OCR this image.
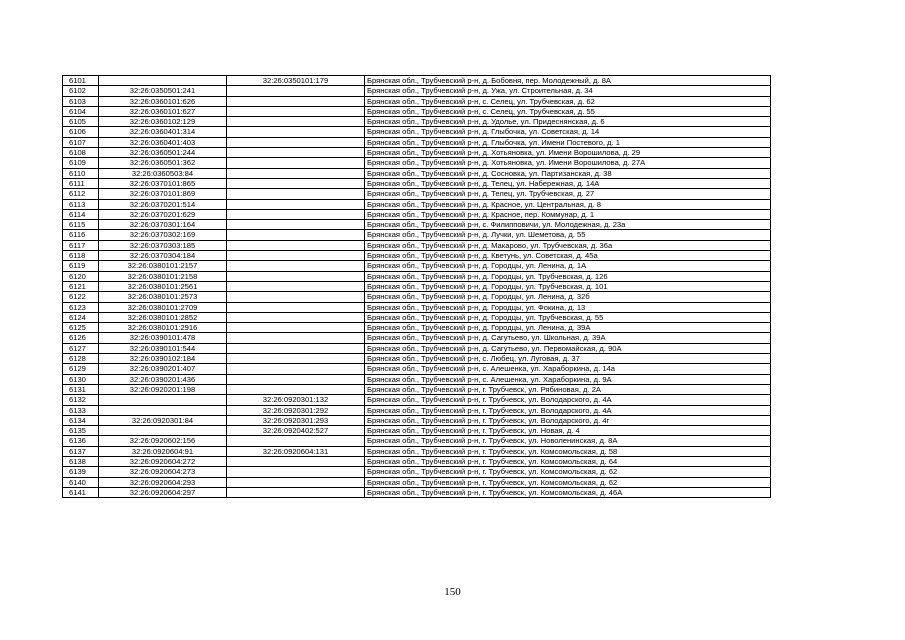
6101		32:26:0350101:179	Брянская обл., Трубчевский р-н, д. Бобовня, пер. Молодежный, д. 8А
6102	32:26:0350501:241		Брянская обл., Трубчевский р-н, д. Ужа, ул. Строительная, д. 34
6103	32:26:0360101:626		Брянская обл., Трубчевский р-н, с. Селец, ул. Трубчевская, д. 62
6104	32:26:0360101:627		Брянская обл., Трубчевский р-н, с. Селец, ул. Трубчевская, д. 55
6105	32:26:0360102:129		Брянская обл., Трубчевский р-н, д. Удолье, ул. Придеснянская, д. 6
6106	32:26:0360401:314		Брянская обл., Трубчевский р-н, д. Глыбочка, ул. Советская, д. 14
6107	32:26:0360401:403		Брянская обл., Трубчевский р-н, д. Глыбочка, ул. Имени Постевого, д. 1
6108	32:26:0360501:244		Брянская обл., Трубчевский р-н, д. Хотьяновка, ул. Имени Ворошилова, д. 29
6109	32:26:0360501:362		Брянская обл., Трубчевский р-н, д. Хотьяновка, ул. Имени Ворошилова, д. 27А
6110	32:26:0360503:84		Брянская обл., Трубчевский р-н, д. Сосновка, ул. Партизанская, д. 38
6111	32:26:0370101:865		Брянская обл., Трубчевский р-н, д. Телец, ул. Набережная, д. 14А
6112	32:26:0370101:869		Брянская обл., Трубчевский р-н, д. Телец, ул. Трубчевская, д. 27
6113	32:26:0370201:514		Брянская обл., Трубчевский р-н, д. Красное, ул. Центральная, д. 8
6114	32:26:0370201:629		Брянская обл., Трубчевский р-н, д. Красное, пер. Коммунар, д. 1
6115	32:26:0370301:164		Брянская обл., Трубчевский р-н, с. Филипповичи, ул. Молодежная, д. 23а
6116	32:26:0370302:169		Брянская обл., Трубчевский р-н, д. Лучки, ул. Шеметова, д. 55
6117	32:26:0370303:185		Брянская обл., Трубчевский р-н, д. Макарово, ул. Трубчевская, д. 36а
6118	32:26:0370304:184		Брянская обл., Трубчевский р-н, д. Кветунь, ул. Советская, д. 45а
6119	32:26:0380101:2157		Брянская обл., Трубчевский р-н, д. Городцы, ул. Ленина, д. 1А
6120	32:26:0380101:2158		Брянская обл., Трубчевский р-н, д. Городцы, ул. Трубчевская, д. 126
6121	32:26:0380101:2561		Брянская обл., Трубчевский р-н, д. Городцы, ул. Трубчевская, д. 101
6122	32:26:0380101:2573		Брянская обл., Трубчевский р-н, д. Городцы, ул. Ленина, д. 32б
6123	32:26:0380101:2709		Брянская обл., Трубчевский р-н, д. Городцы, ул. Фокина, д. 13
6124	32:26:0380101:2852		Брянская обл., Трубчевский р-н, д. Городцы, ул. Трубчевская, д. 55
6125	32:26:0380101:2916		Брянская обл., Трубчевский р-н, д. Городцы, ул. Ленина, д. 39А
6126	32:26:0390101:478		Брянская обл., Трубчевский р-н, д. Сагутьево, ул. Школьная, д. 39А
6127	32:26:0390101:544		Брянская обл., Трубчевский р-н, д. Сагутьево, ул. Первомайская, д. 90А
6128	32:26:0390102:184		Брянская обл., Трубчевский р-н, с. Любец, ул. Луговая, д. 37
6129	32:26:0390201:407		Брянская обл., Трубчевский р-н, с. Алешенка, ул. Хараборкина, д. 14а
6130	32:26:0390201:436		Брянская обл., Трубчевский р-н, с. Алешенка, ул. Хараборкина, д. 9А
6131	32:26:0920201:198		Брянская обл., Трубчевский р-н, г. Трубчевск, ул. Рябиновая, д. 2А
6132		32:26:0920301:132	Брянская обл., Трубчевский р-н, г. Трубчевск, ул. Володарского, д. 4А
6133		32:26:0920301:292	Брянская обл., Трубчевский р-н, г. Трубчевск, ул. Володарского, д. 4А
6134	32:26:0920301:84	32:26:0920301:293	Брянская обл., Трубчевский р-н, г. Трубчевск, ул. Володарского, д. 4г
6135		32:26:0920402:527	Брянская обл., Трубчевский р-н, г. Трубчевск, ул. Новая, д. 4
6136	32:26:0920602:156		Брянская обл., Трубчевский р-н, г. Трубчевск, ул. Новоленинская, д. 8А
6137	32:26:0920604:91	32:26:0920604:131	Брянская обл., Трубчевский р-н, г. Трубчевск, ул. Комсомольская, д. 58
6138	32:26:0920604:272		Брянская обл., Трубчевский р-н, г. Трубчевск, ул. Комсомольская, д. 64
6139	32:26:0920604:273		Брянская обл., Трубчевский р-н, г. Трубчевск, ул. Комсомольская, д. 62
6140	32:26:0920604:293		Брянская обл., Трубчевский р-н, г. Трубчевск, ул. Комсомольская, д. 62
6141	32:26:0920604:297		Брянская обл., Трубчевский р-н, г. Трубчевск, ул. Комсомольская, д. 46А
150
